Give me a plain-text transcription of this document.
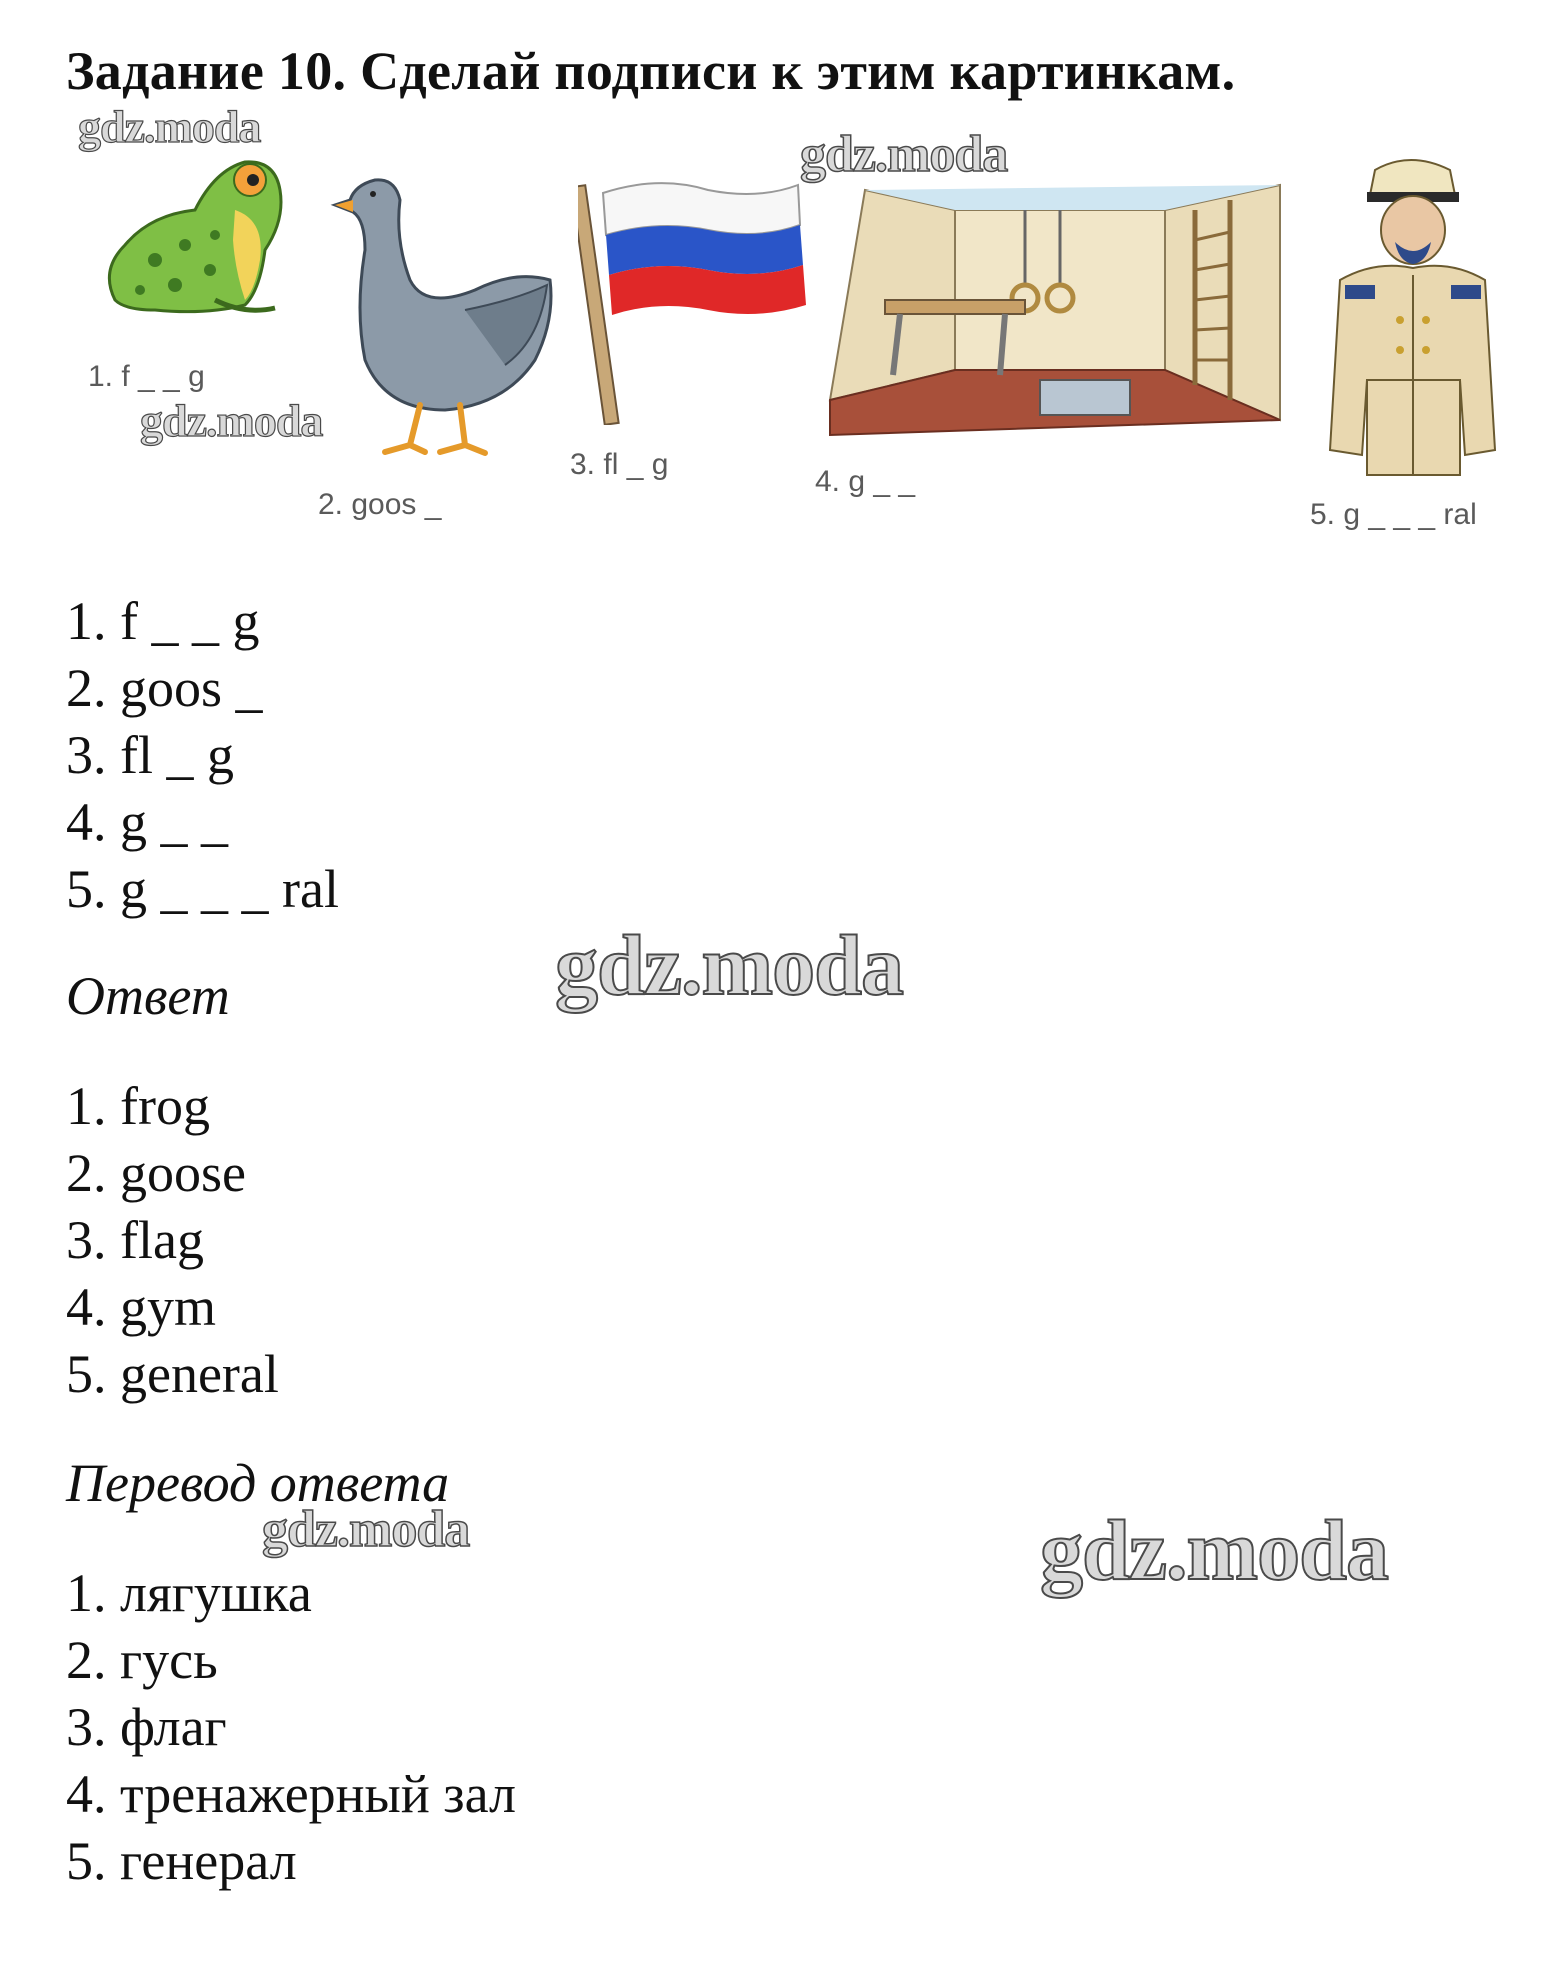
Задание 10. Сделай подписи к этим картинкам.
1. f _ _ g
2. goos _
3. fl _ g
4. g _ _
5. g _ _ _ ral
1. f _ _ g
2. goos _
3. fl _ g
4. g _ _
5. g _ _ _ ral
Ответ
1. frog
2. goose
3. flag
4. gym
5. general
Перевод ответа
1. лягушка
2. гусь
3. флаг
4. тренажерный зал
5. генерал
gdz.moda	gdz.moda
gdz.moda
gdz.moda
gdz.moda	gdz.moda
